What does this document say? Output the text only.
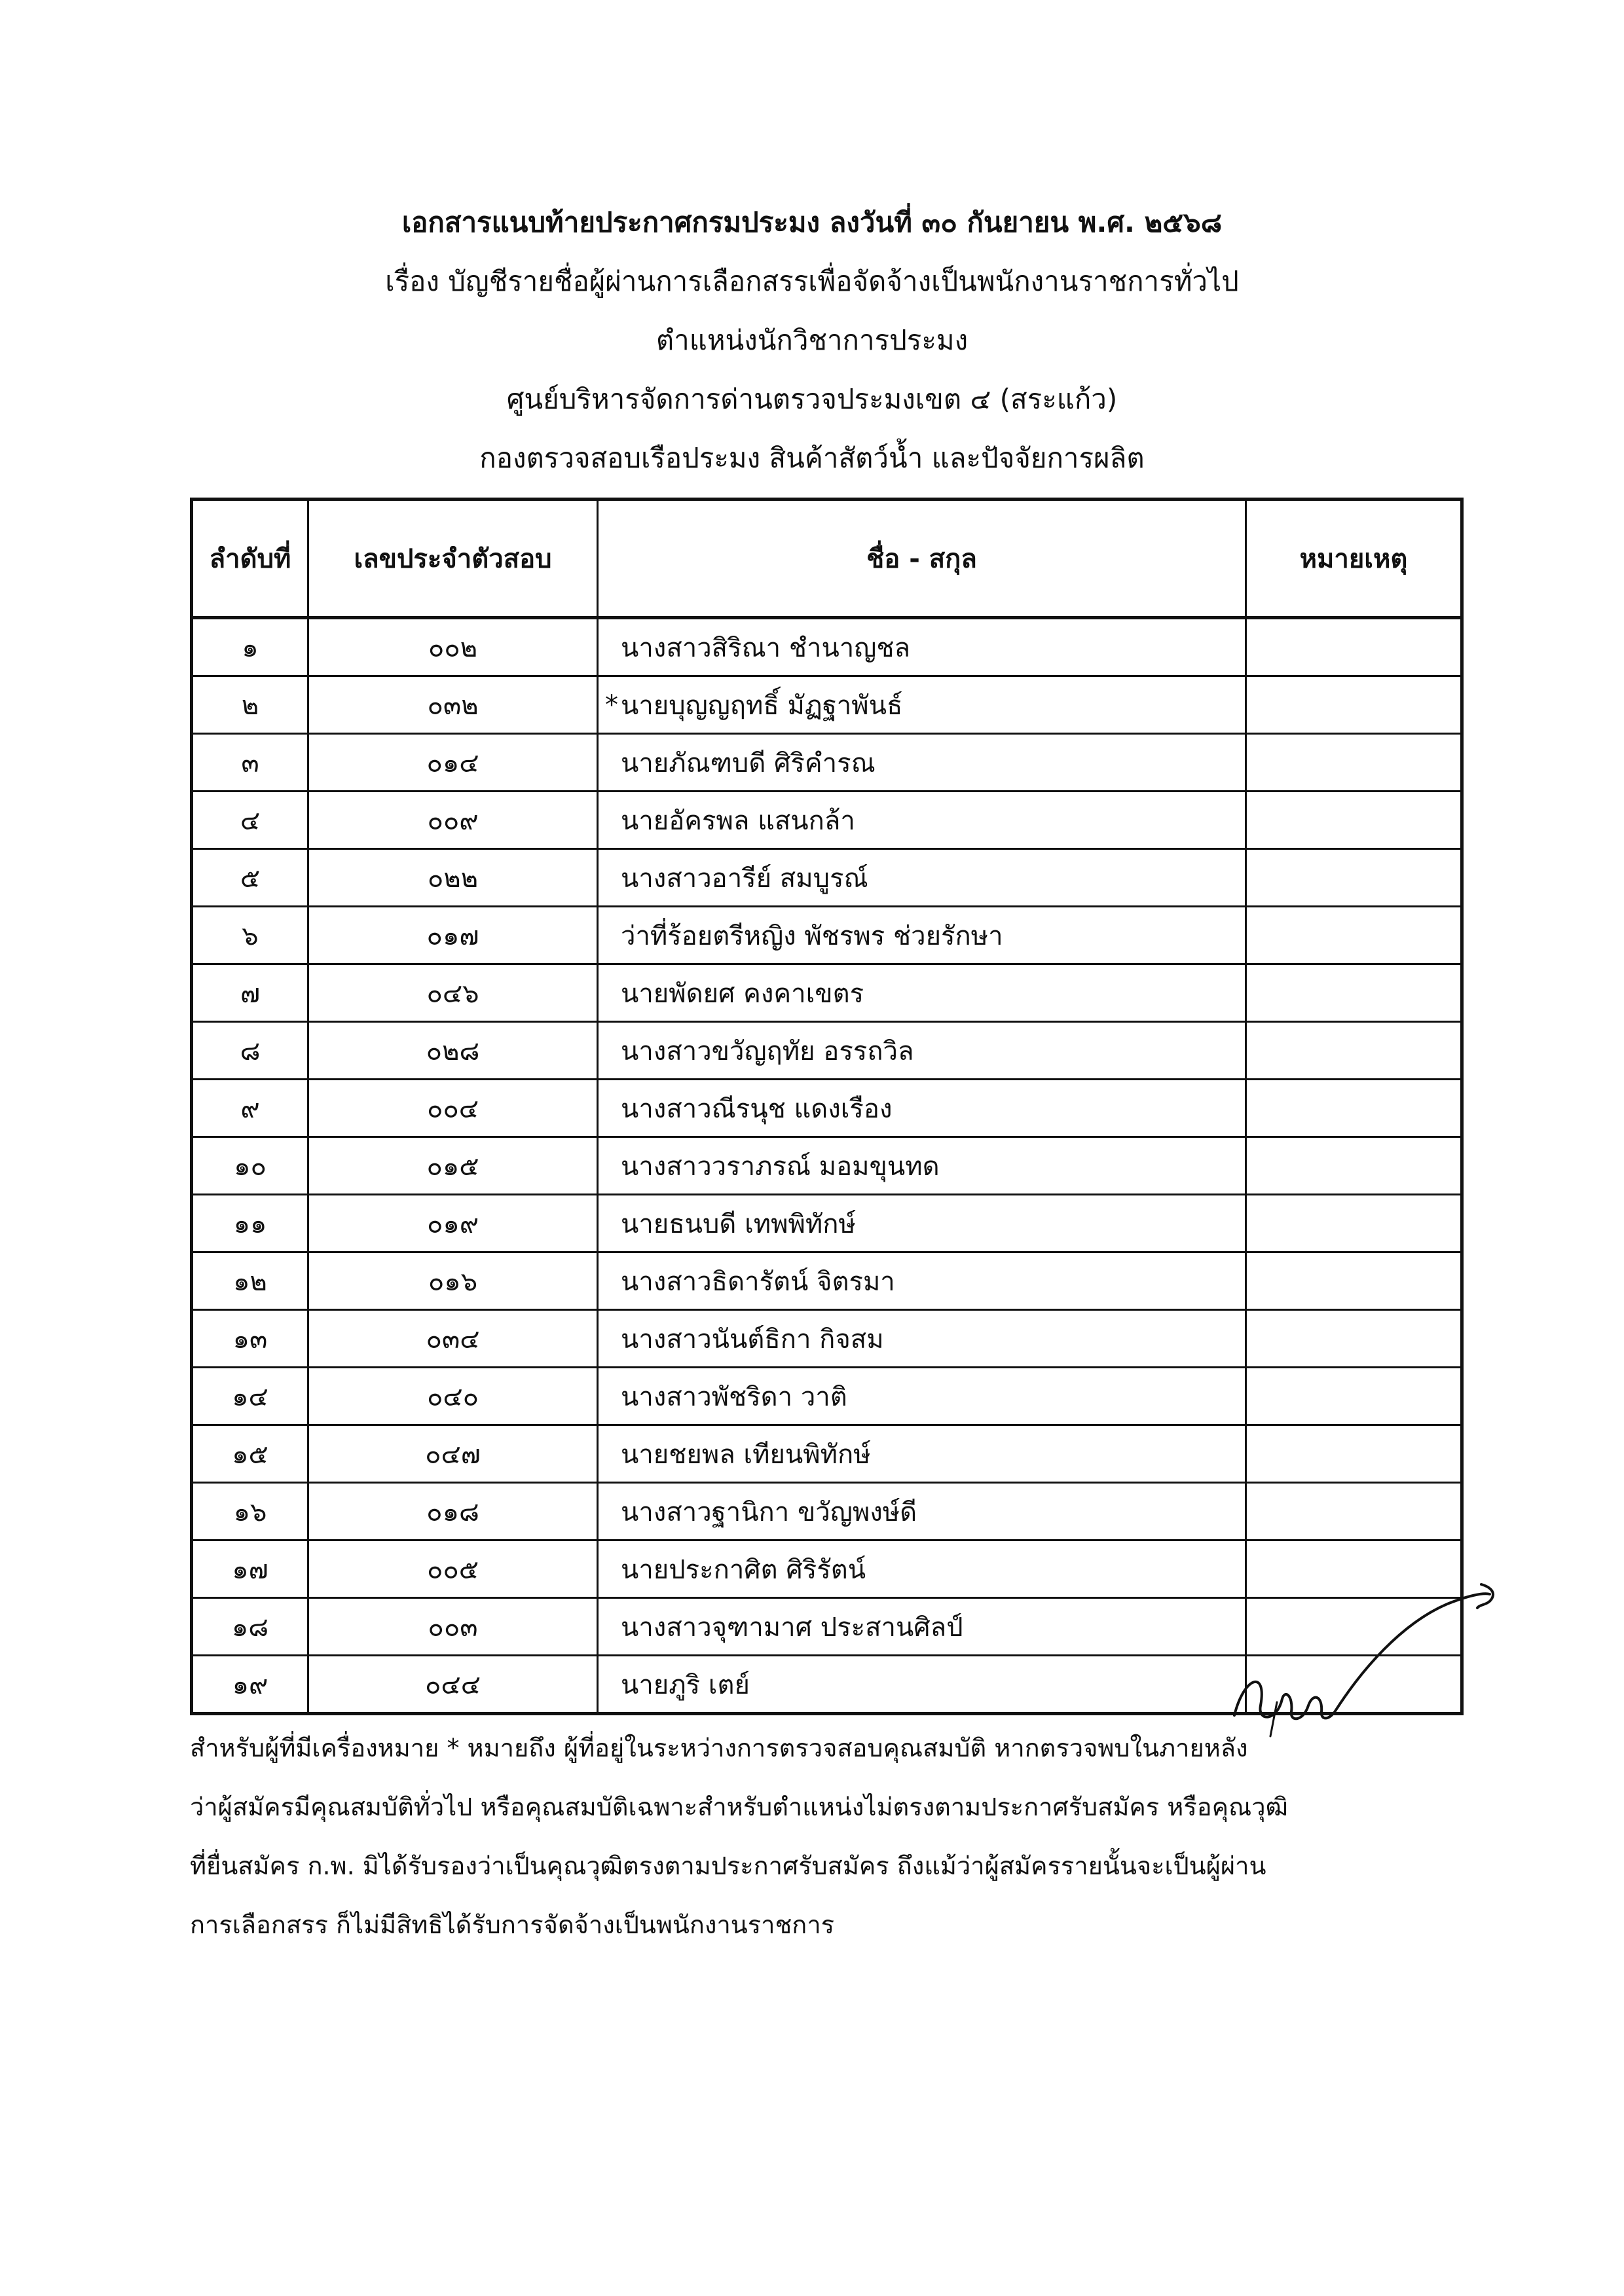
เอกสารแนบท้ายประกาศกรมประมง ลงวันที่ ๓๐ กันยายน พ.ศ. ๒๕๖๘
เรื่อง บัญชีรายชื่อผู้ผ่านการเลือกสรรเพื่อจัดจ้างเป็นพนักงานราชการทั่วไป
ตำแหน่งนักวิชาการประมง
ศูนย์บริหารจัดการด่านตรวจประมงเขต ๔ (สระแก้ว)
กองตรวจสอบเรือประมง สินค้าสัตว์น้ำ และปัจจัยการผลิต
ลำดับที่	เลขประจำตัวสอบ	ชื่อ - สกุล	หมายเหตุ
๑	๐๐๒	นางสาวสิริณา ชำนาญชล	
๒	๐๓๒	* นายบุญญฤทธิ์ มัฏฐาพันธ์	
๓	๐๑๔	นายภัณฑบดี ศิริคำรณ	
๔	๐๐๙	นายอัครพล แสนกล้า	
๕	๐๒๒	นางสาวอารีย์ สมบูรณ์	
๖	๐๑๗	ว่าที่ร้อยตรีหญิง พัชรพร ช่วยรักษา	
๗	๐๔๖	นายพัดยศ คงคาเขตร	
๘	๐๒๘	นางสาวขวัญฤทัย อรรถวิล	
๙	๐๐๔	นางสาวณีรนุช แดงเรือง	
๑๐	๐๑๕	นางสาววราภรณ์ มอมขุนทด	
๑๑	๐๑๙	นายธนบดี เทพพิทักษ์	
๑๒	๐๑๖	นางสาวธิดารัตน์ จิตรมา	
๑๓	๐๓๔	นางสาวนันต์ธิกา กิจสม	
๑๔	๐๔๐	นางสาวพัชริดา วาติ	
๑๕	๐๔๗	นายชยพล เทียนพิทักษ์	
๑๖	๐๑๘	นางสาวฐานิกา ขวัญพงษ์ดี	
๑๗	๐๐๕	นายประกาศิต ศิริรัตน์	
๑๘	๐๐๓	นางสาวจุฑามาศ ประสานศิลป์	
๑๙	๐๔๔	นายภูริ เตย์	
สำหรับผู้ที่มีเครื่องหมาย * หมายถึง ผู้ที่อยู่ในระหว่างการตรวจสอบคุณสมบัติ หากตรวจพบในภายหลัง
ว่าผู้สมัครมีคุณสมบัติทั่วไป หรือคุณสมบัติเฉพาะสำหรับตำแหน่งไม่ตรงตามประกาศรับสมัคร หรือคุณวุฒิ
ที่ยื่นสมัคร ก.พ. มิได้รับรองว่าเป็นคุณวุฒิตรงตามประกาศรับสมัคร ถึงแม้ว่าผู้สมัครรายนั้นจะเป็นผู้ผ่าน
การเลือกสรร ก็ไม่มีสิทธิได้รับการจัดจ้างเป็นพนักงานราชการ
